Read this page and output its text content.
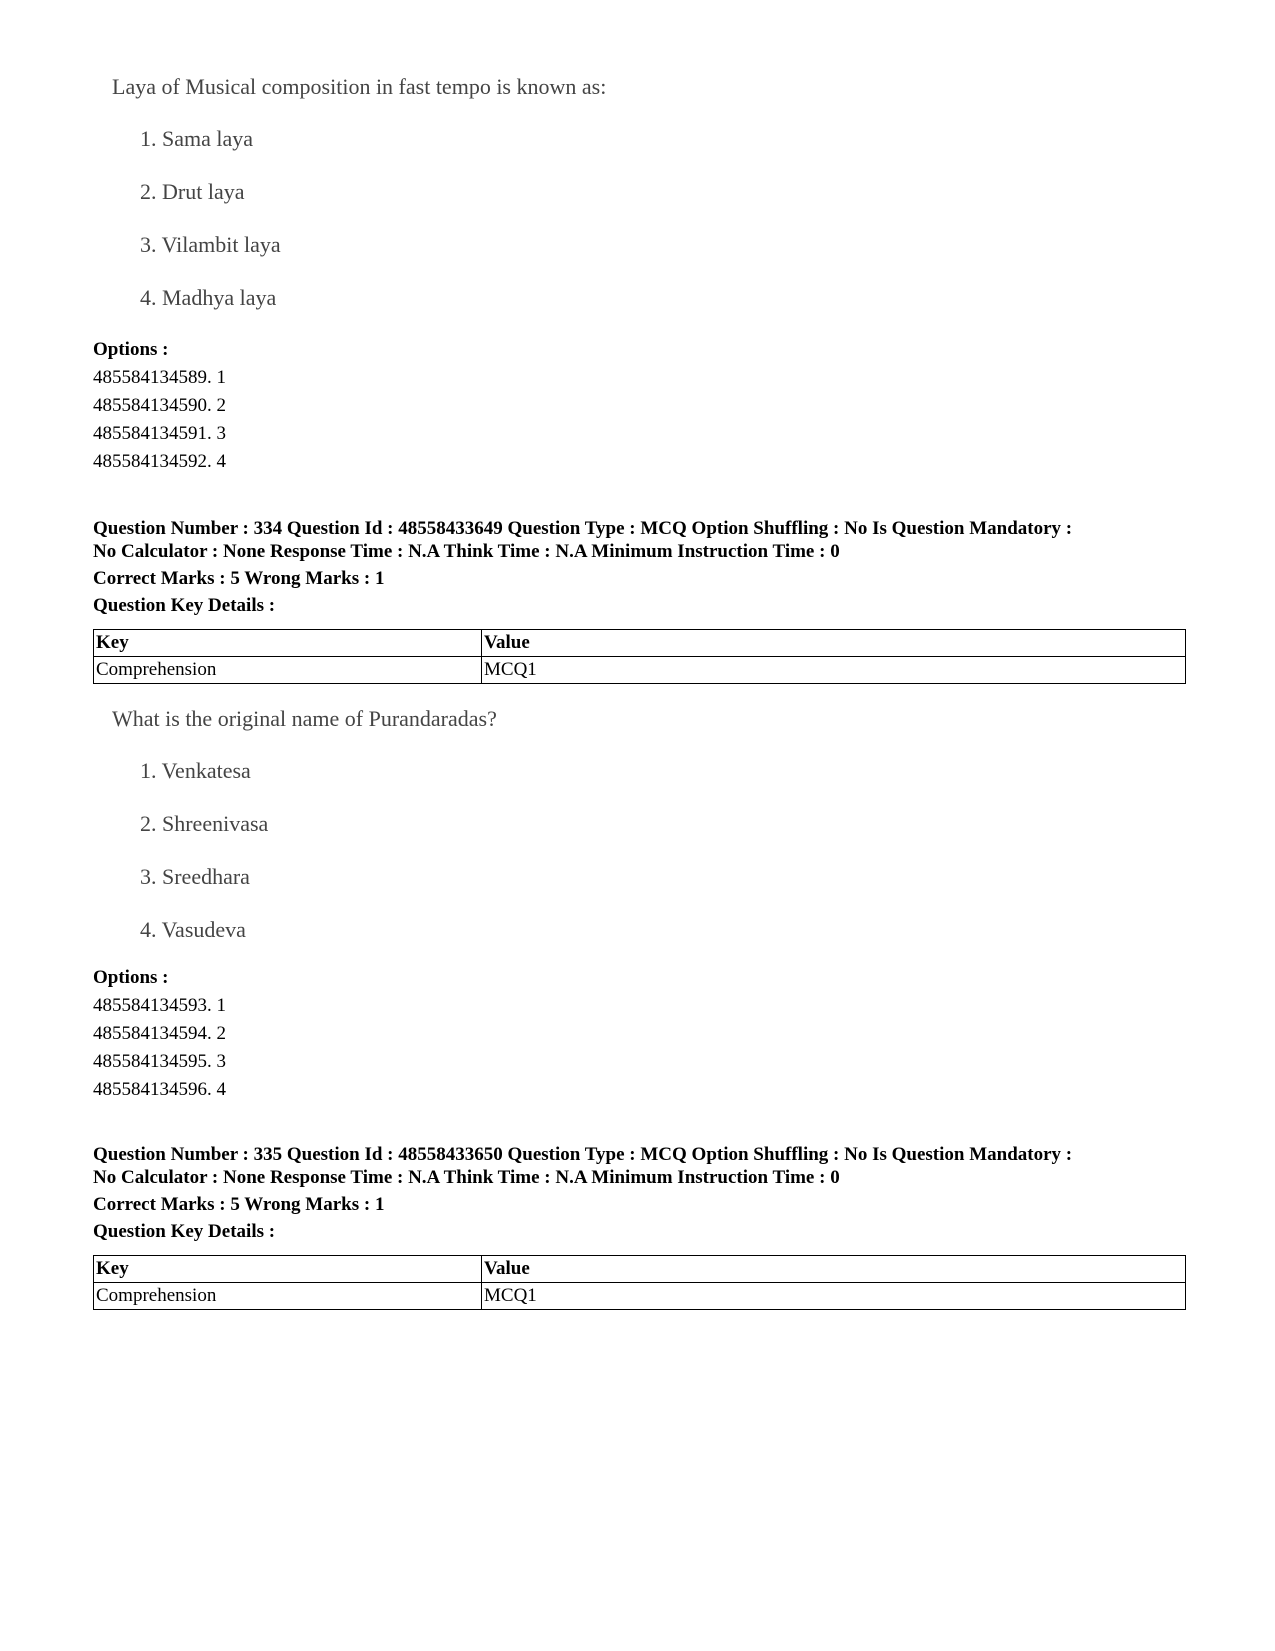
Laya of Musical composition in fast tempo is known as:
1. Sama laya
2. Drut laya
3. Vilambit laya
4. Madhya laya
Options :
485584134589. 1
485584134590. 2
485584134591. 3
485584134592. 4
Question Number : 334 Question Id : 48558433649 Question Type : MCQ Option Shuffling : No Is Question Mandatory :
No Calculator : None Response Time : N.A Think Time : N.A Minimum Instruction Time : 0
Correct Marks : 5 Wrong Marks : 1
Question Key Details :
Key	Value
Comprehension	MCQ1
What is the original name of Purandaradas?
1. Venkatesa
2. Shreenivasa
3. Sreedhara
4. Vasudeva
Options :
485584134593. 1
485584134594. 2
485584134595. 3
485584134596. 4
Question Number : 335 Question Id : 48558433650 Question Type : MCQ Option Shuffling : No Is Question Mandatory :
No Calculator : None Response Time : N.A Think Time : N.A Minimum Instruction Time : 0
Correct Marks : 5 Wrong Marks : 1
Question Key Details :
Key	Value
Comprehension	MCQ1
